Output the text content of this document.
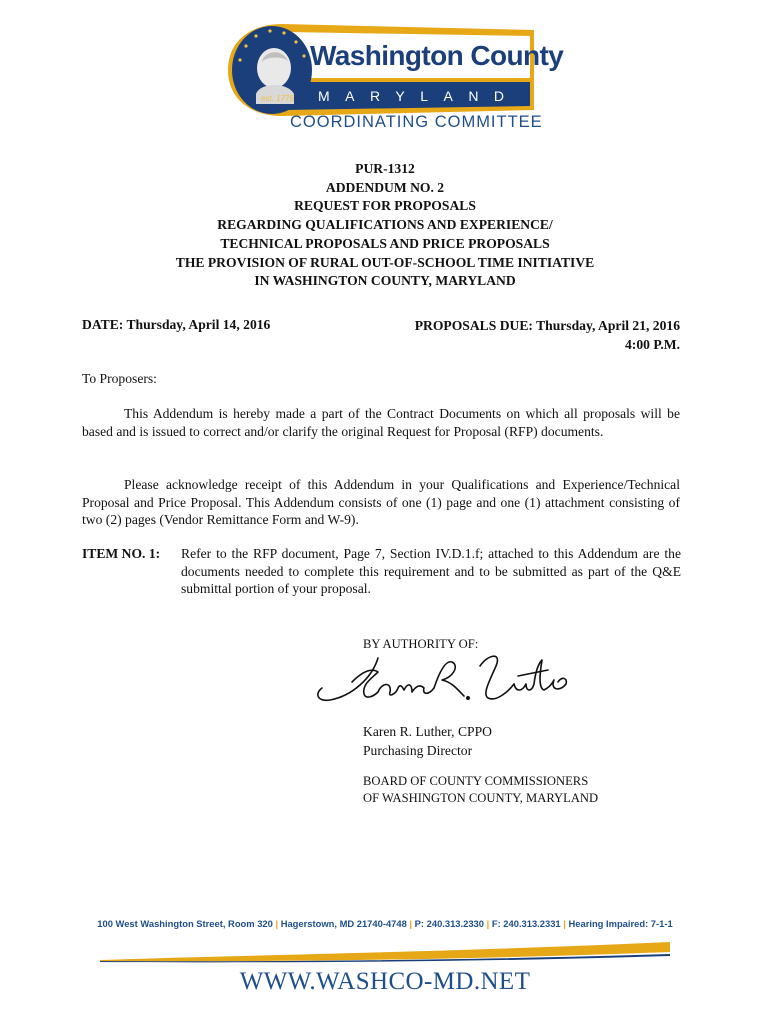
Washington County
MARYLAND
est. 1776
COORDINATING COMMITTEE
PUR-1312
ADDENDUM NO. 2
REQUEST FOR PROPOSALS
REGARDING QUALIFICATIONS AND EXPERIENCE/
TECHNICAL PROPOSALS AND PRICE PROPOSALS
THE PROVISION OF RURAL OUT-OF-SCHOOL TIME INITIATIVE
IN WASHINGTON COUNTY, MARYLAND
DATE: Thursday, April 14, 2016	PROPOSALS DUE: Thursday, April 21, 2016
4:00 P.M.
To Proposers:
This Addendum is hereby made a part of the Contract Documents on which all proposals will be based and is issued to correct and/or clarify the original Request for Proposal (RFP) documents.
Please acknowledge receipt of this Addendum in your Qualifications and Experience/Technical Proposal and Price Proposal. This Addendum consists of one (1) page and one (1) attachment consisting of two (2) pages (Vendor Remittance Form and W-9).
ITEM NO. 1: Refer to the RFP document, Page 7, Section IV.D.1.f; attached to this Addendum are the documents needed to complete this requirement and to be submitted as part of the Q&E submittal portion of your proposal.
BY AUTHORITY OF:
Karen R. Luther, CPPO
Purchasing Director
BOARD OF COUNTY COMMISSIONERS
OF WASHINGTON COUNTY, MARYLAND
100 West Washington Street, Room 320 | Hagerstown, MD 21740-4748 | P: 240.313.2330 | F: 240.313.2331 | Hearing Impaired: 7-1-1
WWW.WASHCO-MD.NET
